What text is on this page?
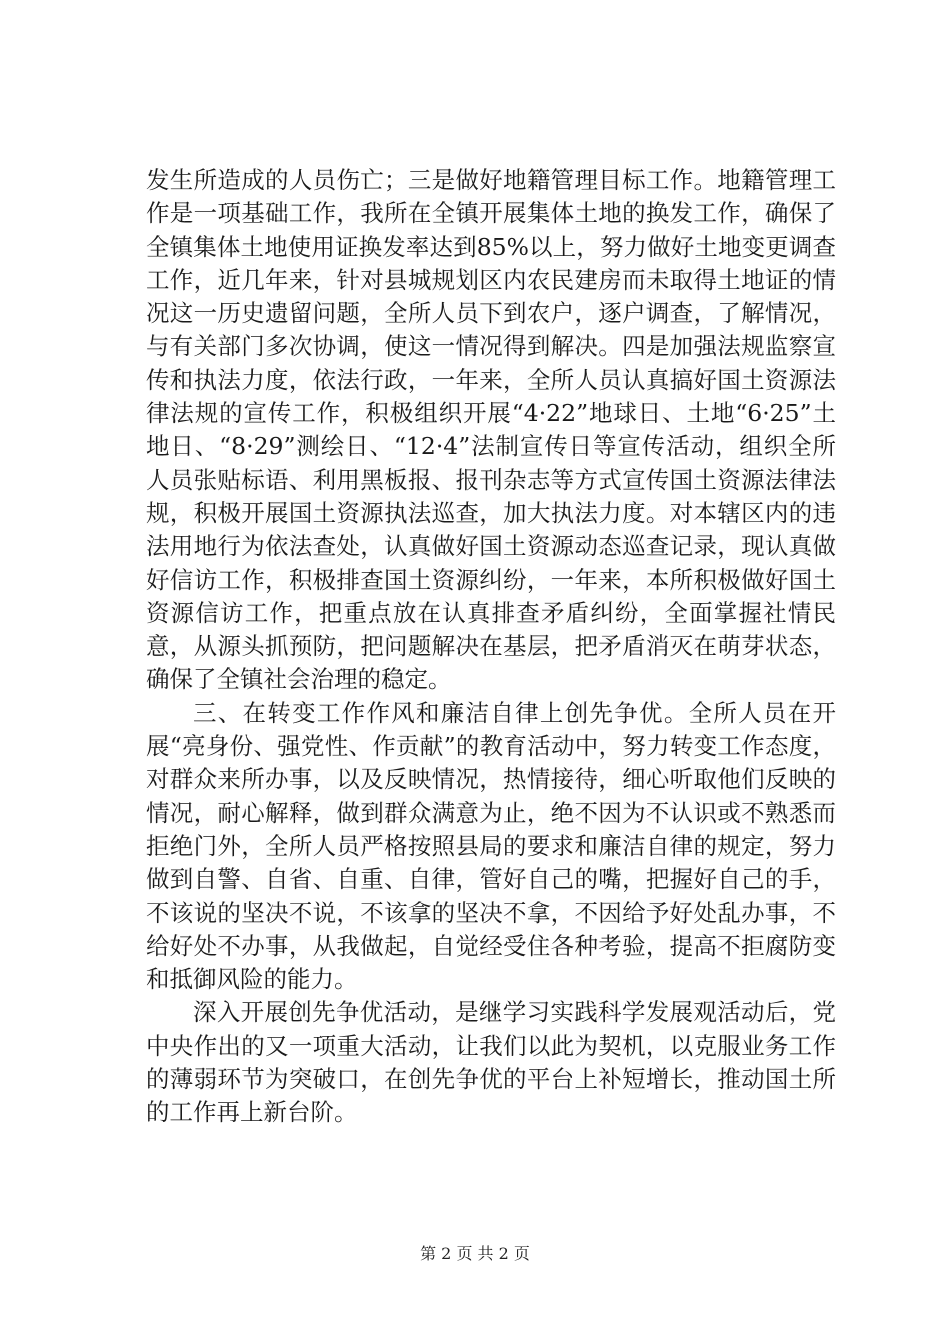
发生所造成的人员伤亡；三是做好地籍管理目标工作。地籍管理工作是一项基础工作，我所在全镇开展集体土地的换发工作，确保了全镇集体土地使用证换发率达到85%以上，努力做好土地变更调查工作，近几年来，针对县城规划区内农民建房而未取得土地证的情况这一历史遗留问题，全所人员下到农户，逐户调查，了解情况，与有关部门多次协调，使这一情况得到解决。四是加强法规监察宣传和执法力度，依法行政，一年来，全所人员认真搞好国土资源法律法规的宣传工作，积极组织开展“4·22”地球日、土地“6·25”土地日、“8·29”测绘日、“12·4”法制宣传日等宣传活动，组织全所人员张贴标语、利用黑板报、报刊杂志等方式宣传国土资源法律法规，积极开展国土资源执法巡查，加大执法力度。对本辖区内的违法用地行为依法查处，认真做好国土资源动态巡查记录，现认真做好信访工作，积极排查国土资源纠纷，一年来，本所积极做好国土资源信访工作，把重点放在认真排查矛盾纠纷，全面掌握社情民意，从源头抓预防，把问题解决在基层，把矛盾消灭在萌芽状态，确保了全镇社会治理的稳定。

三、在转变工作作风和廉洁自律上创先争优。全所人员在开展“亮身份、强党性、作贡献”的教育活动中，努力转变工作态度，对群众来所办事，以及反映情况，热情接待，细心听取他们反映的情况，耐心解释，做到群众满意为止，绝不因为不认识或不熟悉而拒绝门外，全所人员严格按照县局的要求和廉洁自律的规定，努力做到自警、自省、自重、自律，管好自己的嘴，把握好自己的手，不该说的坚决不说，不该拿的坚决不拿，不因给予好处乱办事，不给好处不办事，从我做起，自觉经受住各种考验，提高不拒腐防变和抵御风险的能力。

深入开展创先争优活动，是继学习实践科学发展观活动后，党中央作出的又一项重大活动，让我们以此为契机，以克服业务工作的薄弱环节为突破口，在创先争优的平台上补短增长，推动国土所的工作再上新台阶。

第 2 页 共 2 页
